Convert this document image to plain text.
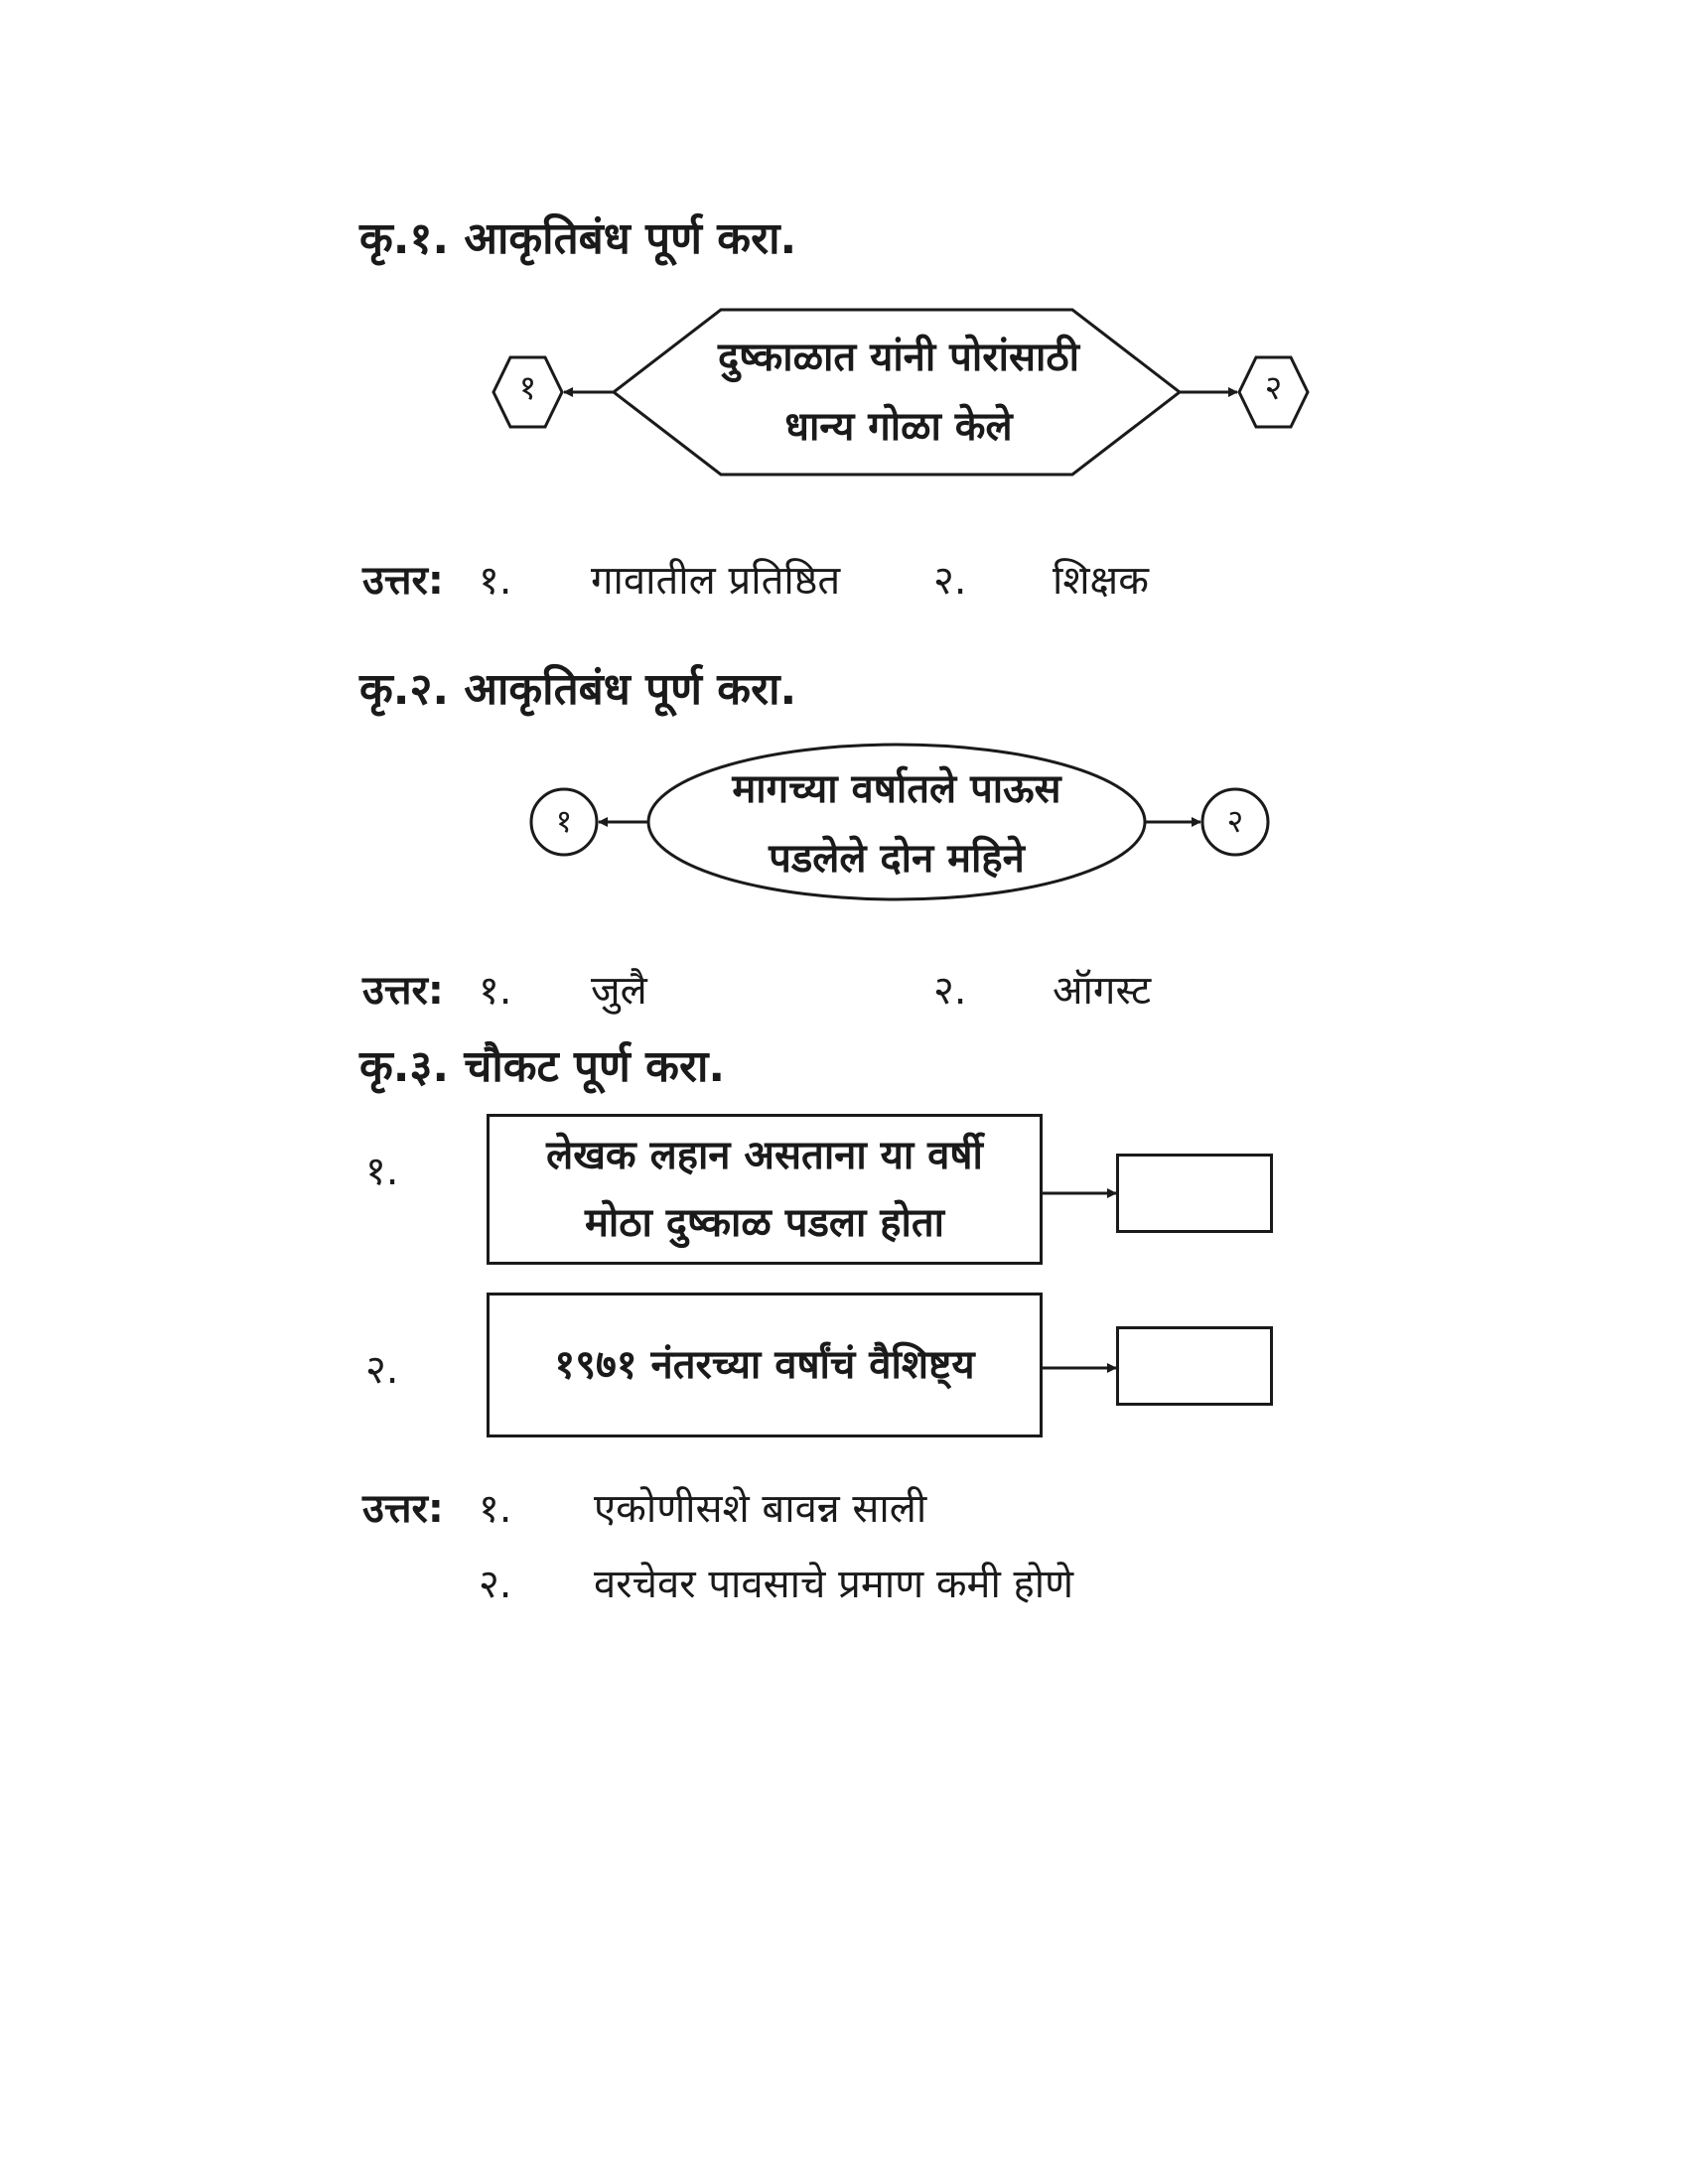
कृ.१. आकृतिबंध पूर्ण करा.
दुष्काळात यांनी पोरांसाठी
धान्य गोळा केले
१	२
उत्तर: १. गावातील प्रतिष्ठित २. शिक्षक
कृ.२. आकृतिबंध पूर्ण करा.
मागच्या वर्षातले पाऊस
पडलेले दोन महिने
१	२
उत्तर: १. जुलै	२. ऑगस्ट
कृ.३. चौकट पूर्ण करा.
१.	लेखक लहान असताना या वर्षी
मोठा दुष्काळ पडला होता
२.	१९७१ नंतरच्या वर्षांचं वैशिष्ट्य
उत्तर: १. एकोणीसशे बावन्न साली
२. वरचेवर पावसाचे प्रमाण कमी होणे
